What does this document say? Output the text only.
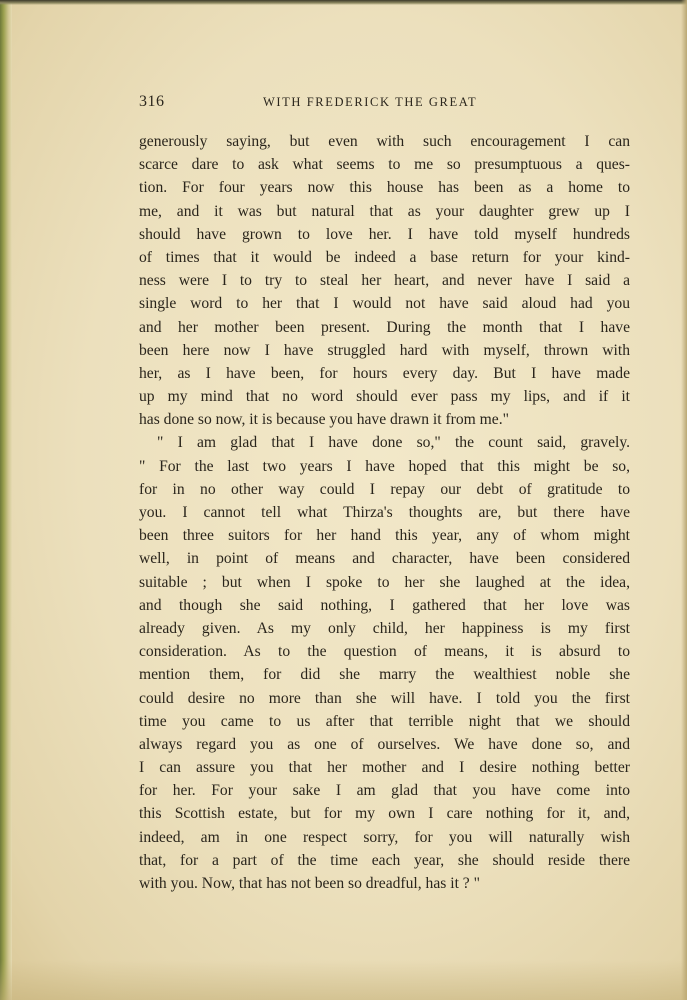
316	WITH FREDERICK THE GREAT
generously saying, but even with such encouragement I can
scarce dare to ask what seems to me so presumptuous a ques-
tion. For four years now this house has been as a home to
me, and it was but natural that as your daughter grew up I
should have grown to love her. I have told myself hundreds
of times that it would be indeed a base return for your kind-
ness were I to try to steal her heart, and never have I said a
single word to her that I would not have said aloud had you
and her mother been present. During the month that I have
been here now I have struggled hard with myself, thrown with
her, as I have been, for hours every day. But I have made
up my mind that no word should ever pass my lips, and if it
has done so now, it is because you have drawn it from me."
" I am glad that I have done so," the count said, gravely.
" For the last two years I have hoped that this might be so,
for in no other way could I repay our debt of gratitude to
you. I cannot tell what Thirza's thoughts are, but there have
been three suitors for her hand this year, any of whom might
well, in point of means and character, have been considered
suitable ; but when I spoke to her she laughed at the idea,
and though she said nothing, I gathered that her love was
already given. As my only child, her happiness is my first
consideration. As to the question of means, it is absurd to
mention them, for did she marry the wealthiest noble she
could desire no more than she will have. I told you the first
time you came to us after that terrible night that we should
always regard you as one of ourselves. We have done so, and
I can assure you that her mother and I desire nothing better
for her. For your sake I am glad that you have come into
this Scottish estate, but for my own I care nothing for it, and,
indeed, am in one respect sorry, for you will naturally wish
that, for a part of the time each year, she should reside there
with you. Now, that has not been so dreadful, has it ? "
